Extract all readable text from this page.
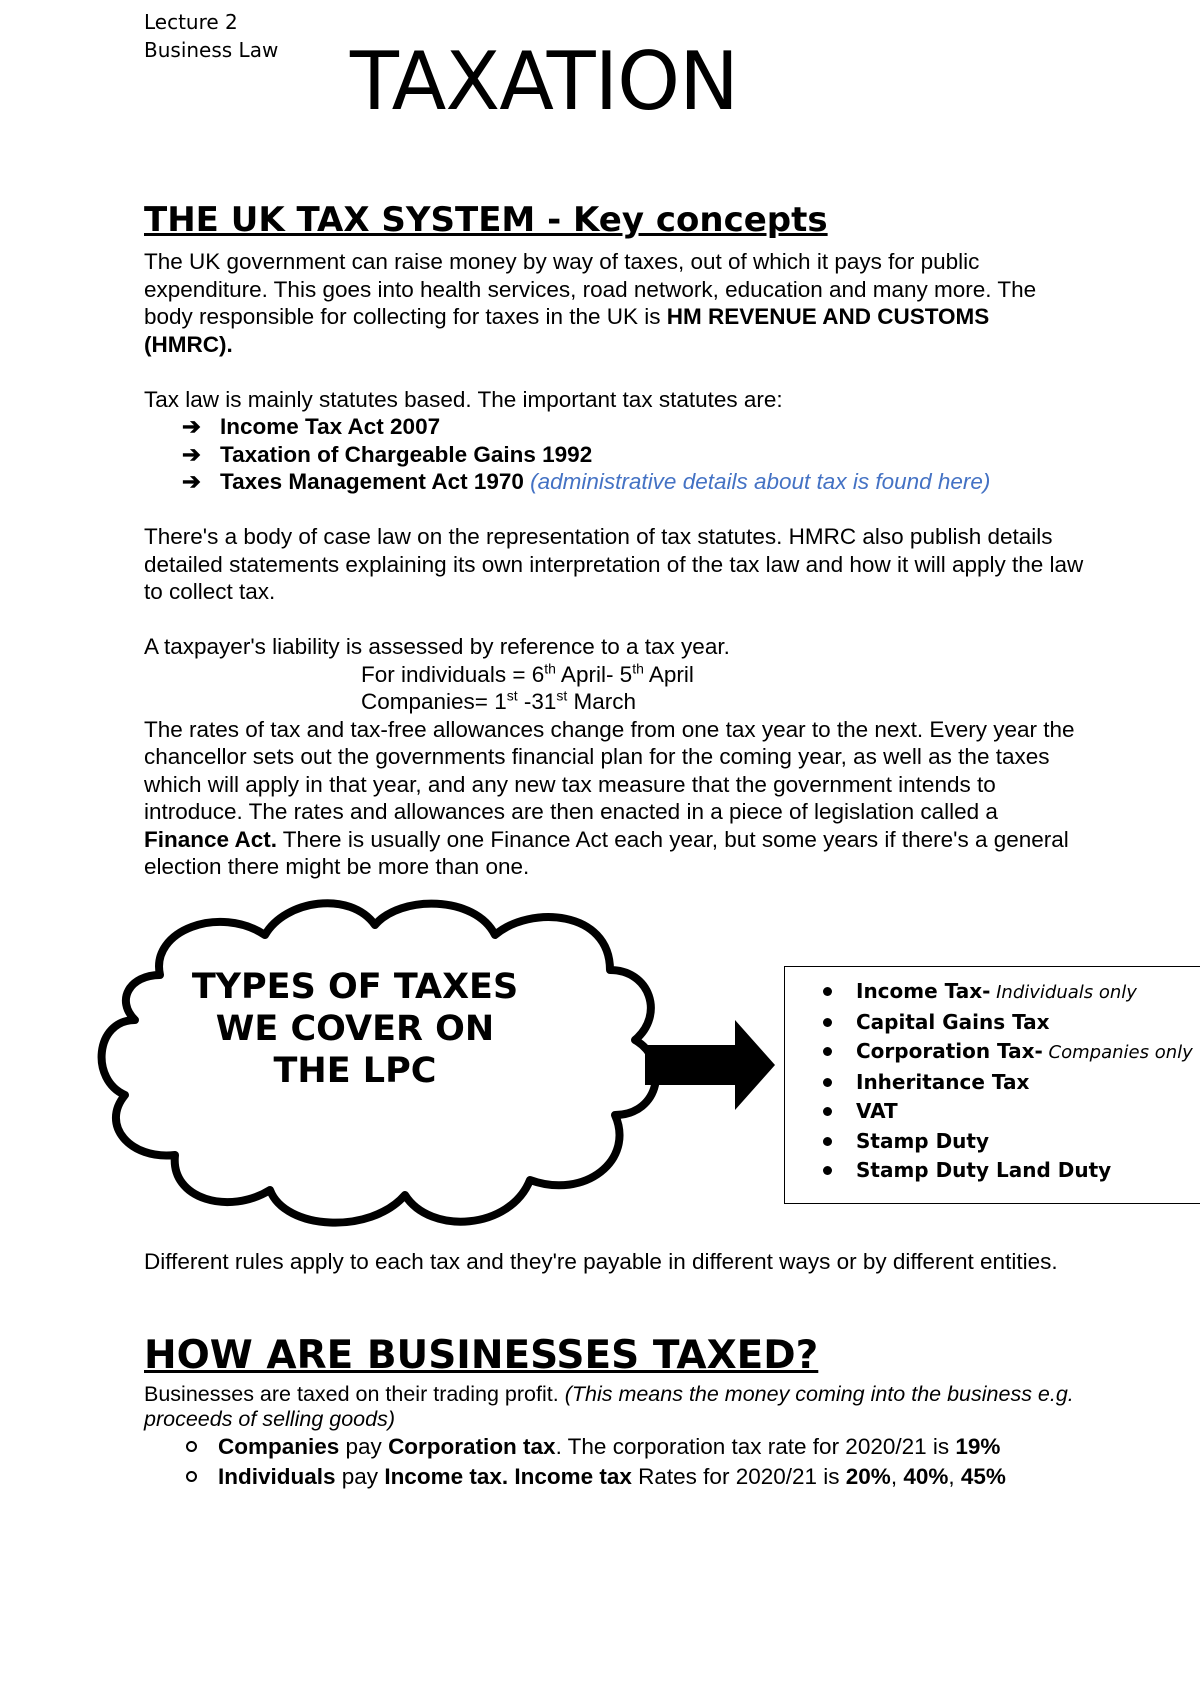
Lecture 2
Business Law TAXATION
THE UK TAX SYSTEM - Key concepts

The UK government can raise money by way of taxes, out of which it pays for public expenditure. This goes into health services, road network, education and many more. The body responsible for collecting for taxes in the UK is HM REVENUE AND CUSTOMS (HMRC).

Tax law is mainly statutes based. The important tax statutes are:

➔ Income Tax Act 2007
➔ Taxation of Chargeable Gains 1992
➔ Taxes Management Act 1970 (administrative details about tax is found here)

There's a body of case law on the representation of tax statutes. HMRC also publish details detailed statements explaining its own interpretation of the tax law and how it will apply the law to collect tax.

A taxpayer's liability is assessed by reference to a tax year.

For individuals = 6th April- 5th April

Companies= 1st -31st March

The rates of tax and tax-free allowances change from one tax year to the next. Every year the chancellor sets out the governments financial plan for the coming year, as well as the taxes which will apply in that year, and any new tax measure that the government intends to introduce. The rates and allowances are then enacted in a piece of legislation called a Finance Act. There is usually one Finance Act each year, but some years if there's a general election there might be more than one.

TYPES OF TAXES WE COVER ON THE LPC
Income Tax- Individuals only
Capital Gains Tax
Corporation Tax- Companies only
Inheritance Tax
VAT
Stamp Duty
Stamp Duty Land Duty
Different rules apply to each tax and they're payable in different ways or by different entities.
HOW ARE BUSINESSES TAXED?
Businesses are taxed on their trading profit. (This means the money coming into the business e.g. proceeds of selling goods)
Companies pay Corporation tax. The corporation tax rate for 2020/21 is 19%
Individuals pay Income tax. Income tax Rates for 2020/21 is 20%, 40%, 45%
